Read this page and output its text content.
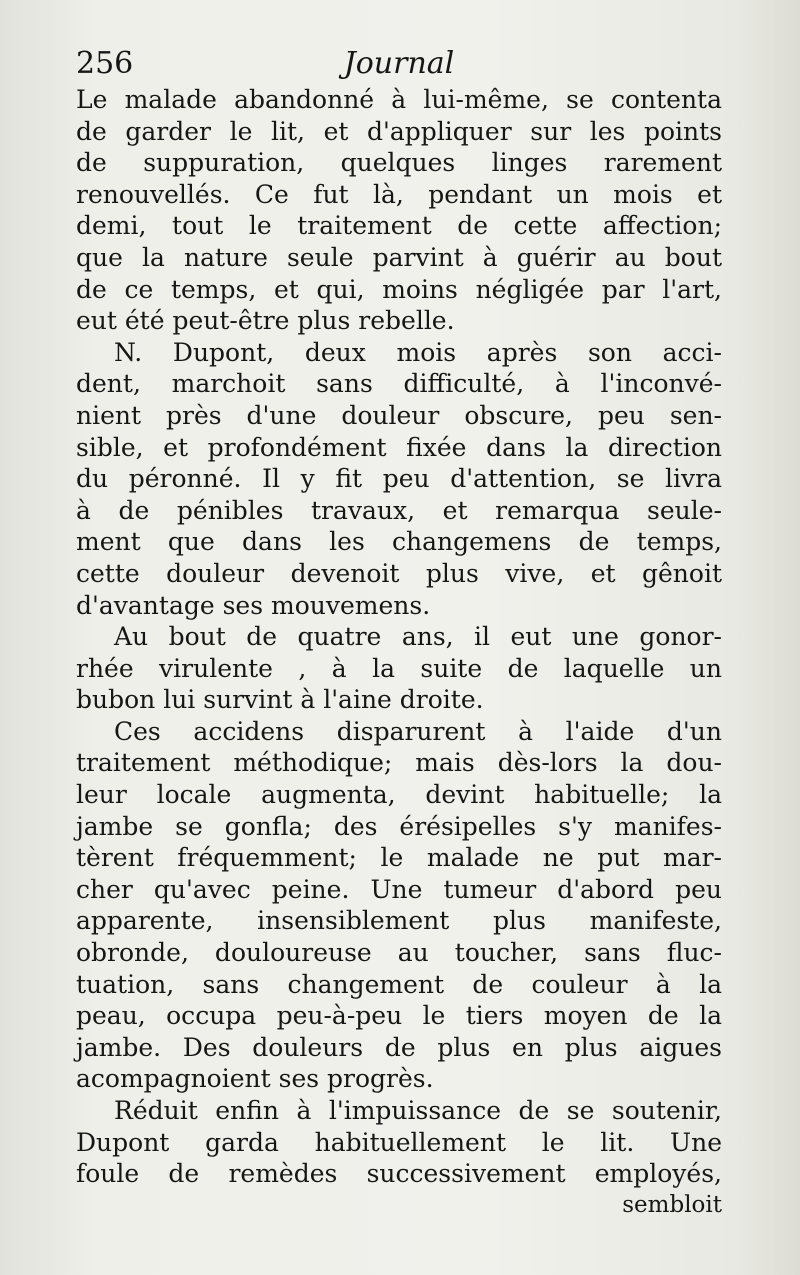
256	Journal
Le malade abandonné à lui-même, se contenta
de garder le lit, et d'appliquer sur les points
de suppuration, quelques linges rarement
renouvellés. Ce fut là, pendant un mois et
demi, tout le traitement de cette affection;
que la nature seule parvint à guérir au bout
de ce temps, et qui, moins négligée par l'art,
eut été peut-être plus rebelle.
N. Dupont, deux mois après son acci-
dent, marchoit sans difficulté, à l'inconvé-
nient près d'une douleur obscure, peu sen-
sible, et profondément fixée dans la direction
du péronné. Il y fit peu d'attention, se livra
à de pénibles travaux, et remarqua seule-
ment que dans les changemens de temps,
cette douleur devenoit plus vive, et gênoit
d'avantage ses mouvemens.
Au bout de quatre ans, il eut une gonor-
rhée virulente , à la suite de laquelle un
bubon lui survint à l'aine droite.
Ces accidens disparurent à l'aide d'un
traitement méthodique; mais dès-lors la dou-
leur locale augmenta, devint habituelle; la
jambe se gonfla; des érésipelles s'y manifes-
tèrent fréquemment; le malade ne put mar-
cher qu'avec peine. Une tumeur d'abord peu
apparente, insensiblement plus manifeste,
obronde, douloureuse au toucher, sans fluc-
tuation, sans changement de couleur à la
peau, occupa peu-à-peu le tiers moyen de la
jambe. Des douleurs de plus en plus aigues
acompagnoient ses progrès.
Réduit enfin à l'impuissance de se soutenir,
Dupont garda habituellement le lit. Une
foule de remèdes successivement employés,
sembloit
